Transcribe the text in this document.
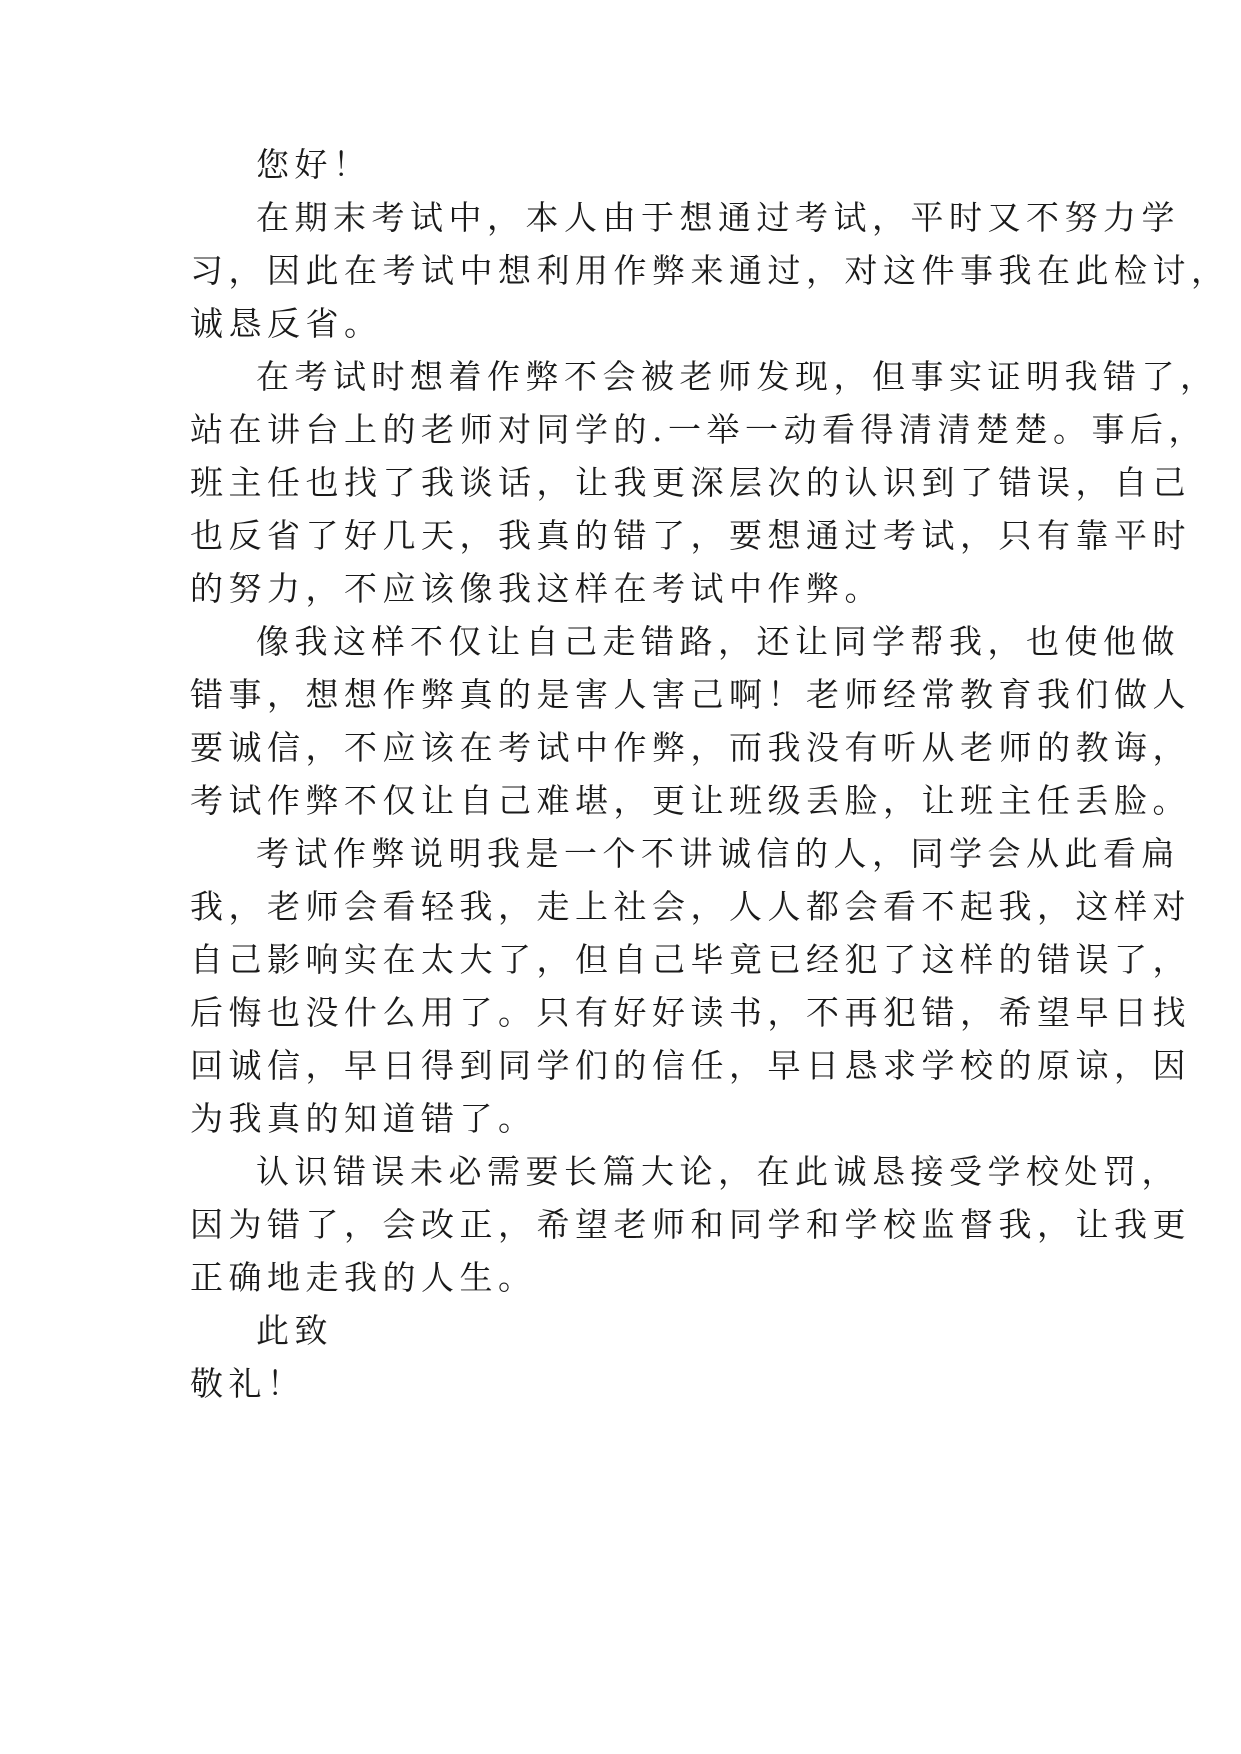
您好！
在期末考试中，本人由于想通过考试，平时又不努力学
习，因此在考试中想利用作弊来通过，对这件事我在此检讨，
诚恳反省。
在考试时想着作弊不会被老师发现，但事实证明我错了，
站在讲台上的老师对同学的.一举一动看得清清楚楚。事后，
班主任也找了我谈话，让我更深层次的认识到了错误，自己
也反省了好几天，我真的错了，要想通过考试，只有靠平时
的努力，不应该像我这样在考试中作弊。
像我这样不仅让自己走错路，还让同学帮我，也使他做
错事，想想作弊真的是害人害己啊！老师经常教育我们做人
要诚信，不应该在考试中作弊，而我没有听从老师的教诲，
考试作弊不仅让自己难堪，更让班级丢脸，让班主任丢脸。
考试作弊说明我是一个不讲诚信的人，同学会从此看扁
我，老师会看轻我，走上社会，人人都会看不起我，这样对
自己影响实在太大了，但自己毕竟已经犯了这样的错误了，
后悔也没什么用了。只有好好读书，不再犯错，希望早日找
回诚信，早日得到同学们的信任，早日恳求学校的原谅，因
为我真的知道错了。
认识错误未必需要长篇大论，在此诚恳接受学校处罚，
因为错了，会改正，希望老师和同学和学校监督我，让我更
正确地走我的人生。
此致
敬礼！
